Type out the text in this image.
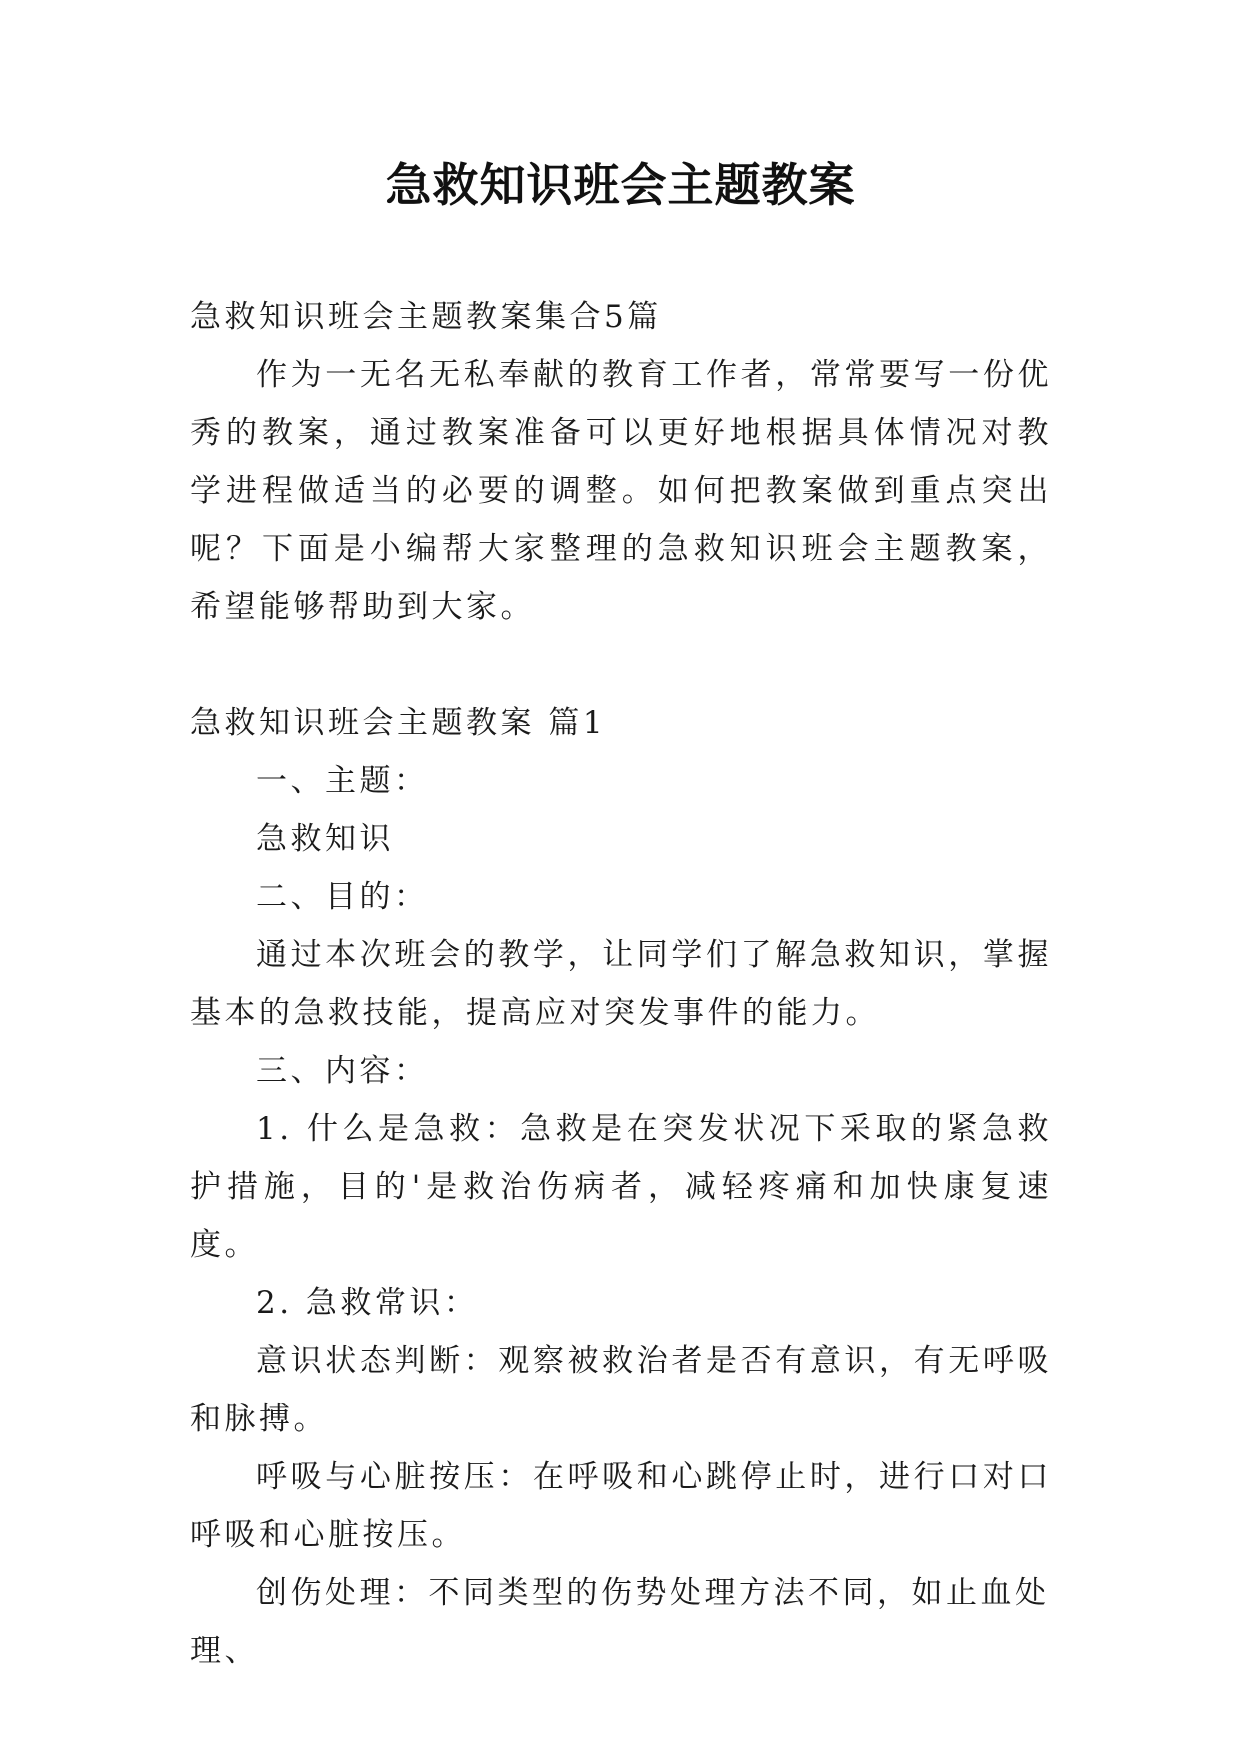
急救知识班会主题教案

急救知识班会主题教案集合5篇

作为一无名无私奉献的教育工作者，常常要写一份优秀的教案，通过教案准备可以更好地根据具体情况对教学进程做适当的必要的调整。如何把教案做到重点突出呢？下面是小编帮大家整理的急救知识班会主题教案，希望能够帮助到大家。

急救知识班会主题教案 篇1

一、主题：

急救知识

二、目的：

通过本次班会的教学，让同学们了解急救知识，掌握基本的急救技能，提高应对突发事件的能力。

三、内容：

1. 什么是急救：急救是在突发状况下采取的紧急救护措施，目的'是救治伤病者，减轻疼痛和加快康复速度。

2. 急救常识：

意识状态判断：观察被救治者是否有意识，有无呼吸和脉搏。

呼吸与心脏按压：在呼吸和心跳停止时，进行口对口呼吸和心脏按压。

创伤处理：不同类型的伤势处理方法不同，如止血处理、
